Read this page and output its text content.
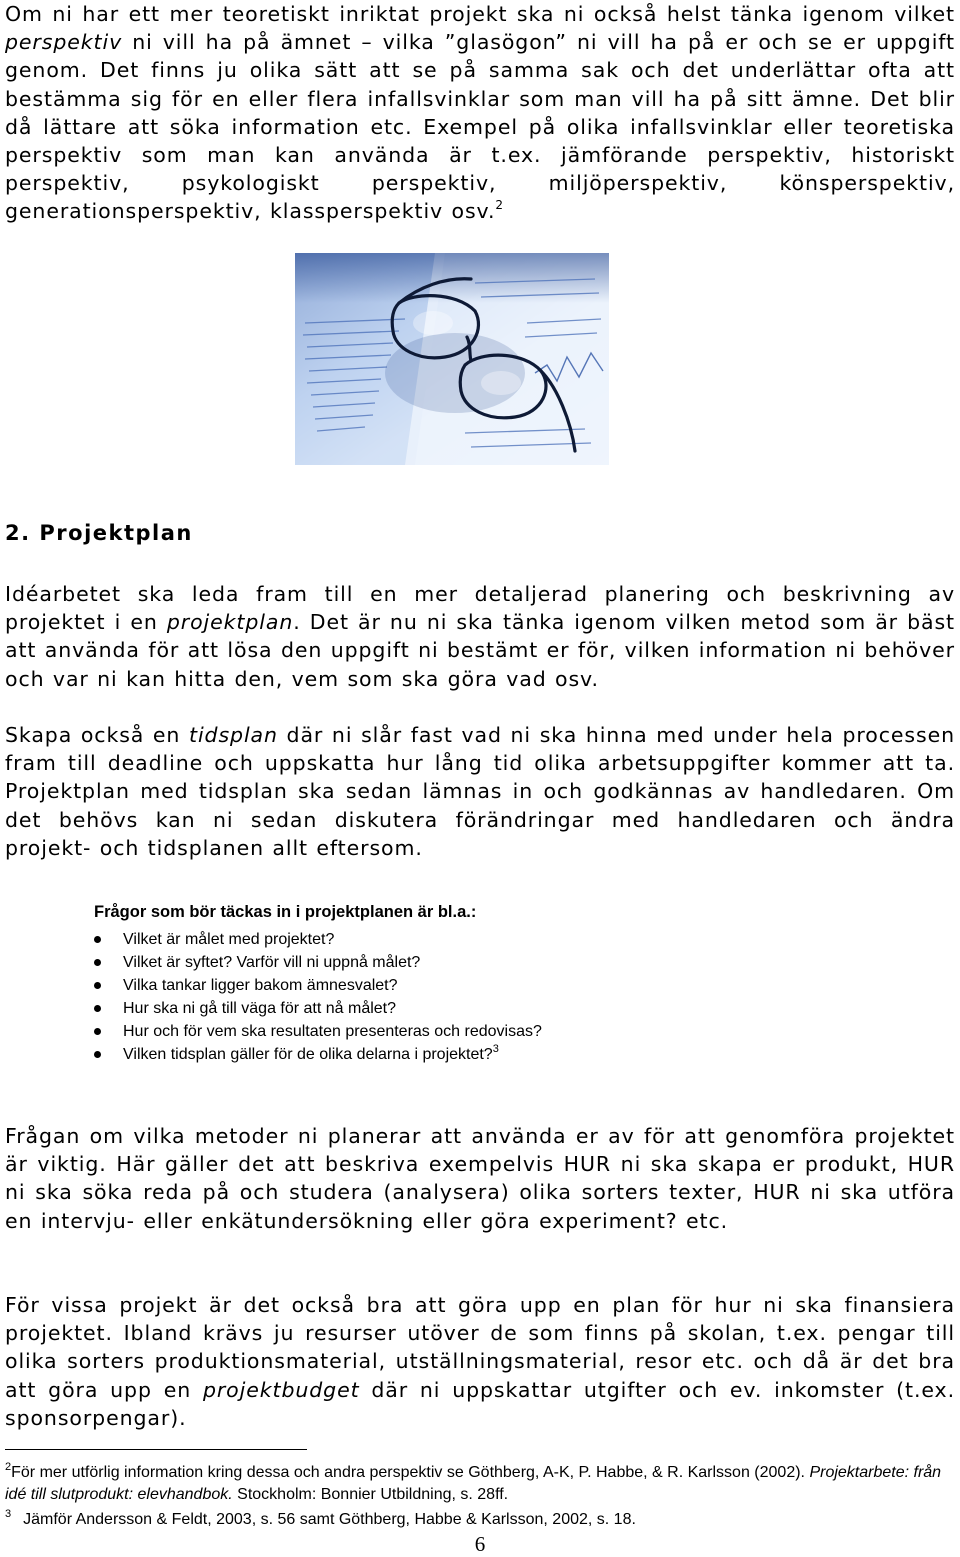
Om ni har ett mer teoretiskt inriktat projekt ska ni också helst tänka igenom vilket perspektiv ni vill ha på ämnet – vilka ”glasögon” ni vill ha på er och se er uppgift genom. Det finns ju olika sätt att se på samma sak och det underlättar ofta att bestämma sig för en eller flera infallsvinklar som man vill ha på sitt ämne. Det blir då lättare att söka information etc. Exempel på olika infallsvinklar eller teoretiska perspektiv som man kan använda är t.ex. jämförande perspektiv, historiskt perspektiv, psykologiskt perspektiv, miljöperspektiv, könsperspektiv, generationsperspektiv, klassperspektiv osv.$^2$

2. Projektplan

Idéarbetet ska leda fram till en mer detaljerad planering och beskrivning av projektet i en projektplan. Det är nu ni ska tänka igenom vilken metod som är bäst att använda för att lösa den uppgift ni bestämt er för, vilken information ni behöver och var ni kan hitta den, vem som ska göra vad osv.

Skapa också en tidsplan där ni slår fast vad ni ska hinna med under hela processen fram till deadline och uppskatta hur lång tid olika arbetsuppgifter kommer att ta. Projektplan med tidsplan ska sedan lämnas in och godkännas av handledaren. Om det behövs kan ni sedan diskutera förändringar med handledaren och ändra projekt- och tidsplanen allt eftersom.

Frågor som bör täckas in i projektplanen är bl.a.:

Vilket är målet med projektet?
Vilket är syftet? Varför vill ni uppnå målet?
Vilka tankar ligger bakom ämnesvalet?
Hur ska ni gå till väga för att nå målet?
Hur och för vem ska resultaten presenteras och redovisas?
Vilken tidsplan gäller för de olika delarna i projektet?$^3$

Frågan om vilka metoder ni planerar att använda er av för att genomföra projektet är viktig. Här gäller det att beskriva exempelvis HUR ni ska skapa er produkt, HUR ni ska söka reda på och studera (analysera) olika sorters texter, HUR ni ska utföra en intervju- eller enkätundersökning eller göra experiment? etc.

För vissa projekt är det också bra att göra upp en plan för hur ni ska finansiera projektet. Ibland krävs ju resurser utöver de som finns på skolan, t.ex. pengar till olika sorters produktionsmaterial, utställningsmaterial, resor etc. och då är det bra att göra upp en projektbudget där ni uppskattar utgifter och ev. inkomster (t.ex. sponsorpengar).

$^2$För mer utförlig information kring dessa och andra perspektiv se Göthberg, A-K, P. Habbe, & R. Karlsson (2002). Projektarbete: från idé till slutprodukt: elevhandbok. Stockholm: Bonnier Utbildning, s. 28ff.

$^3$ Jämför Andersson & Feldt, 2003, s. 56 samt Göthberg, Habbe & Karlsson, 2002, s. 18.

6
